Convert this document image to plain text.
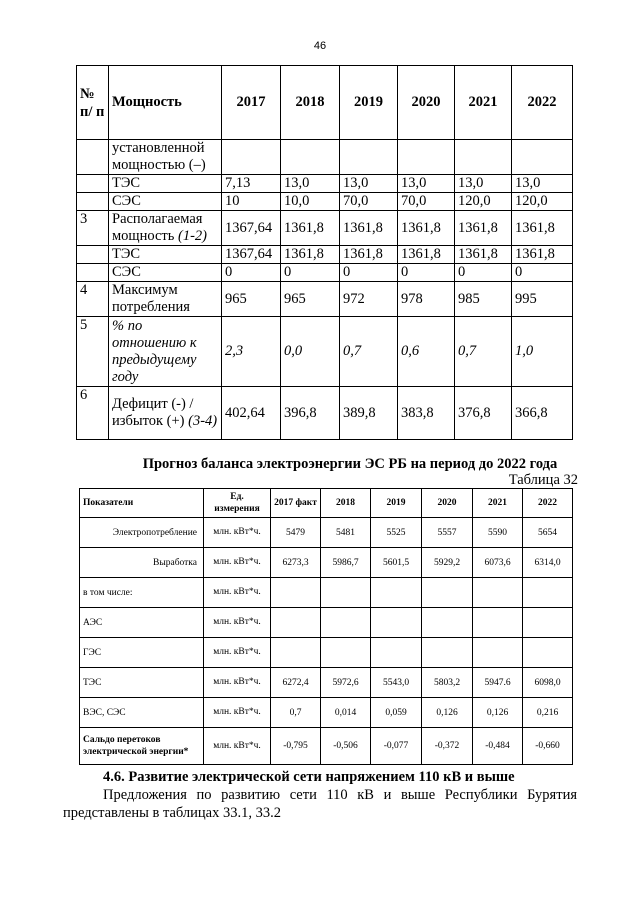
46
№ п/ п	Мощность	2017	2018	2019	2020	2021	2022
	установленной мощностью (–)						
	ТЭС	7,13	13,0	13,0	13,0	13,0	13,0
	СЭС	10	10,0	70,0	70,0	120,0	120,0
3	Располагаемая мощность (1-2)	1367,64	1361,8	1361,8	1361,8	1361,8	1361,8
	ТЭС	1367,64	1361,8	1361,8	1361,8	1361,8	1361,8
	СЭС	0	0	0	0	0	0
4	Максимум потребления	965	965	972	978	985	995
5	% по отношению к предыдущему году	2,3	0,0	0,7	0,6	0,7	1,0
6	Дефицит (-) / избыток (+) (3-4)	402,64	396,8	389,8	383,8	376,8	366,8
Прогноз баланса электроэнергии ЭС РБ на период до 2022 года
Таблица 32
Показатели	Ед. измерения	2017 факт	2018	2019	2020	2021	2022
Электропотребление	млн. кВт*ч.	5479	5481	5525	5557	5590	5654
Выработка	млн. кВт*ч.	6273,3	5986,7	5601,5	5929,2	6073,6	6314,0
в том числе:	млн. кВт*ч.						
АЭС	млн. кВт*ч.						
ГЭС	млн. кВт*ч.						
ТЭС	млн. кВт*ч.	6272,4	5972,6	5543,0	5803,2	5947.6	6098,0
ВЭС, СЭС	млн. кВт*ч.	0,7	0,014	0,059	0,126	0,126	0,216
Сальдо перетоков электрической энергии*	млн. кВт*ч.	-0,795	-0,506	-0,077	-0,372	-0,484	-0,660
4.6. Развитие электрической сети напряжением 110 кВ и выше
Предложения по развитию сети 110 кВ и выше Республики Бурятия представлены в таблицах 33.1, 33.2
